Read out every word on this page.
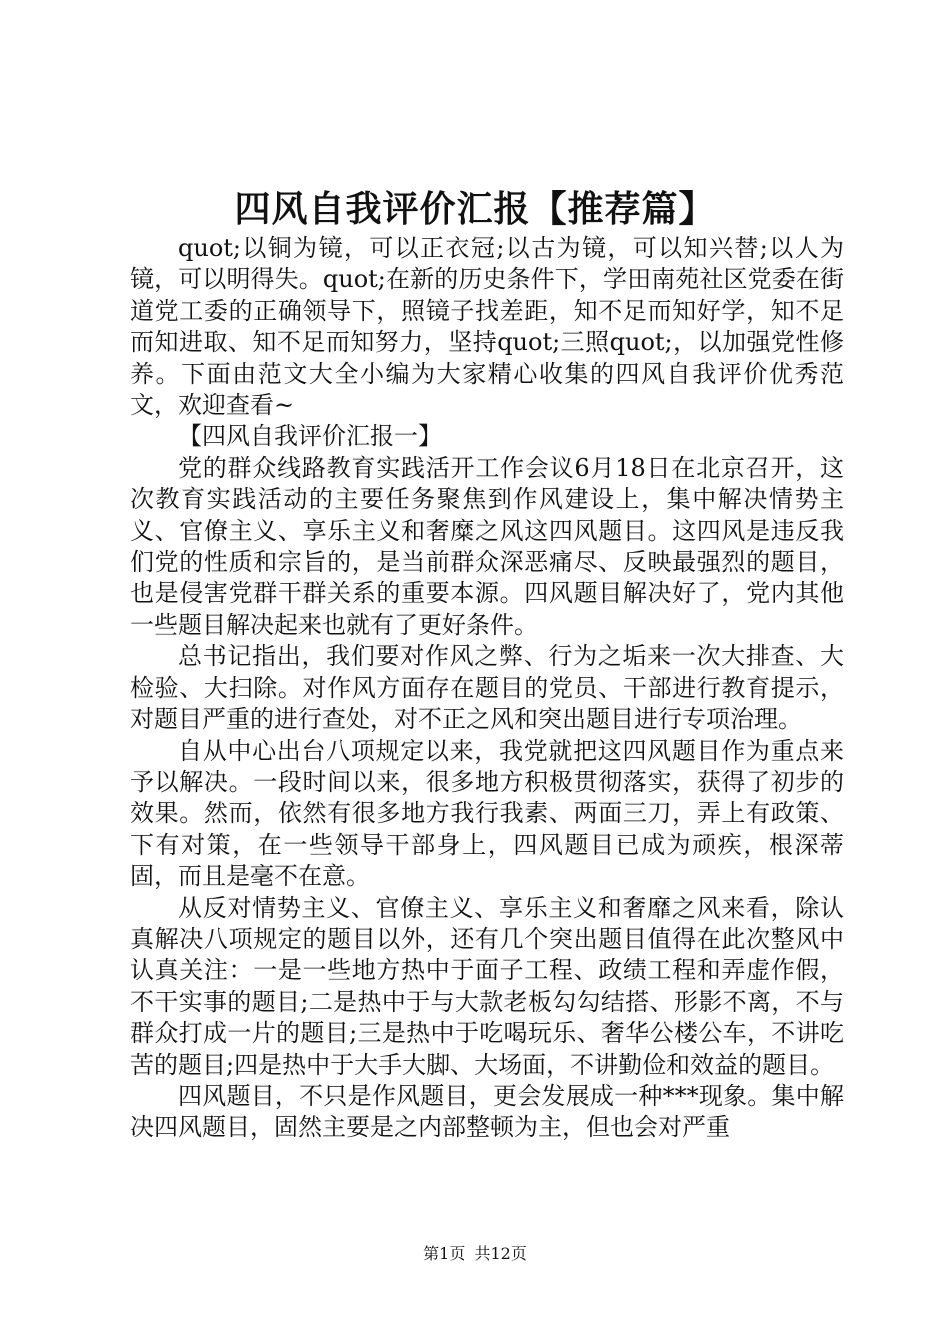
四风自我评价汇报【推荐篇】

quot;以铜为镜，可以正衣冠;以古为镜，可以知兴替;以人为镜，可以明得失。quot;在新的历史条件下，学田南苑社区党委在街道党工委的正确领导下，照镜子找差距，知不足而知好学，知不足而知进取、知不足而知努力，坚持quot;三照quot;，以加强党性修养。下面由范文大全小编为大家精心收集的四风自我评价优秀范文，欢迎查看~

【四风自我评价汇报一】

党的群众线路教育实践活开工作会议6月18日在北京召开，这次教育实践活动的主要任务聚焦到作风建设上，集中解决情势主义、官僚主义、享乐主义和奢糜之风这四风题目。这四风是违反我们党的性质和宗旨的，是当前群众深恶痛尽、反映最强烈的题目，也是侵害党群干群关系的重要本源。四风题目解决好了，党内其他一些题目解决起来也就有了更好条件。

总书记指出，我们要对作风之弊、行为之垢来一次大排查、大检验、大扫除。对作风方面存在题目的党员、干部进行教育提示，对题目严重的进行查处，对不正之风和突出题目进行专项治理。

自从中心出台八项规定以来，我党就把这四风题目作为重点来予以解决。一段时间以来，很多地方积极贯彻落实，获得了初步的效果。然而，依然有很多地方我行我素、两面三刀，弄上有政策、下有对策，在一些领导干部身上，四风题目已成为顽疾，根深蒂固，而且是毫不在意。

从反对情势主义、官僚主义、享乐主义和奢靡之风来看，除认真解决八项规定的题目以外，还有几个突出题目值得在此次整风中认真关注：一是一些地方热中于面子工程、政绩工程和弄虚作假，不干实事的题目;二是热中于与大款老板勾勾结搭、形影不离，不与群众打成一片的题目;三是热中于吃喝玩乐、奢华公楼公车，不讲吃苦的题目;四是热中于大手大脚、大场面，不讲勤俭和效益的题目。

四风题目，不只是作风题目，更会发展成一种***现象。集中解决四风题目，固然主要是之内部整顿为主，但也会对严重

第1页 共12页
